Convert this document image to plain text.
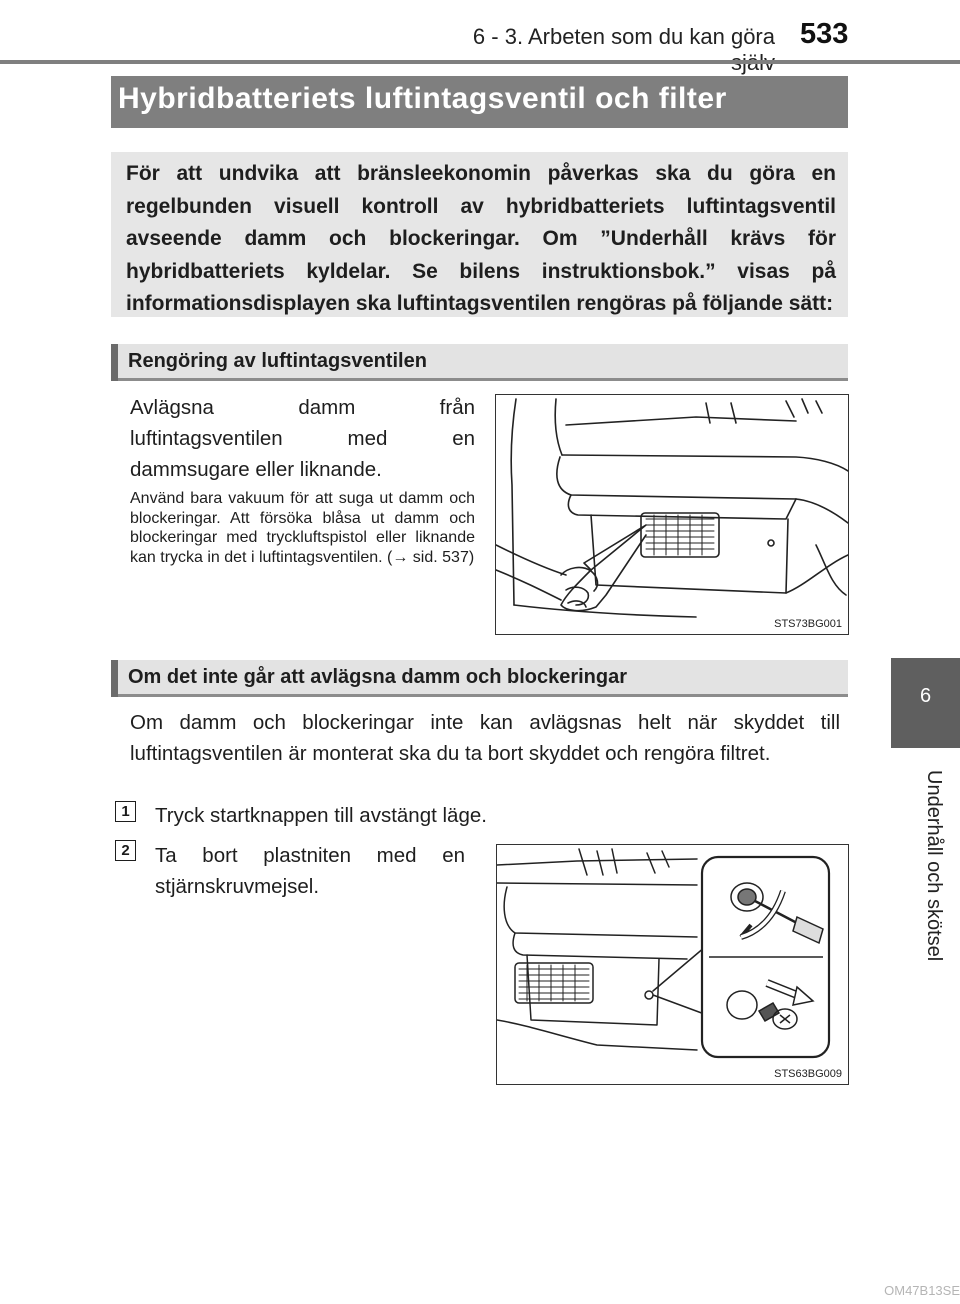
6 - 3. Arbeten som du kan göra 533
6
Underhåll och skötsel
Hybridbatteriets luftintagsventil och filter
För att undvika att bränsleekonomin påverkas ska du göra en regelbunden visuell kontroll av hybridbatteriets luftintagsventil avseende damm och blockeringar. Om ”Underhåll krävs för hybridbatteriets kyldelar. Se bilens instruktionsbok.” visas på informationsdisplayen ska luftintagsventilen rengöras på följande sätt:
Rengöring av luftintagsventilen
Avlägsna damm från luftintagsventilen med en dammsugare eller liknande.
Använd bara vakuum för att suga ut damm och blockeringar. Att försöka blåsa ut damm och blockeringar med tryckluftspistol eller liknande kan trycka in det i luftintagsventilen. (→ sid. 537)
STS73BG001
Om det inte går att avlägsna damm och blockeringar
Om damm och blockeringar inte kan avlägsnas helt när skyddet till luftintagsventilen är monterat ska du ta bort skyddet och rengöra filtret.
1	Tryck startknappen till avstängt läge.
2	Ta bort plastniten med en stjärnskruvmejsel.
STS63BG009
OM47B13SE
